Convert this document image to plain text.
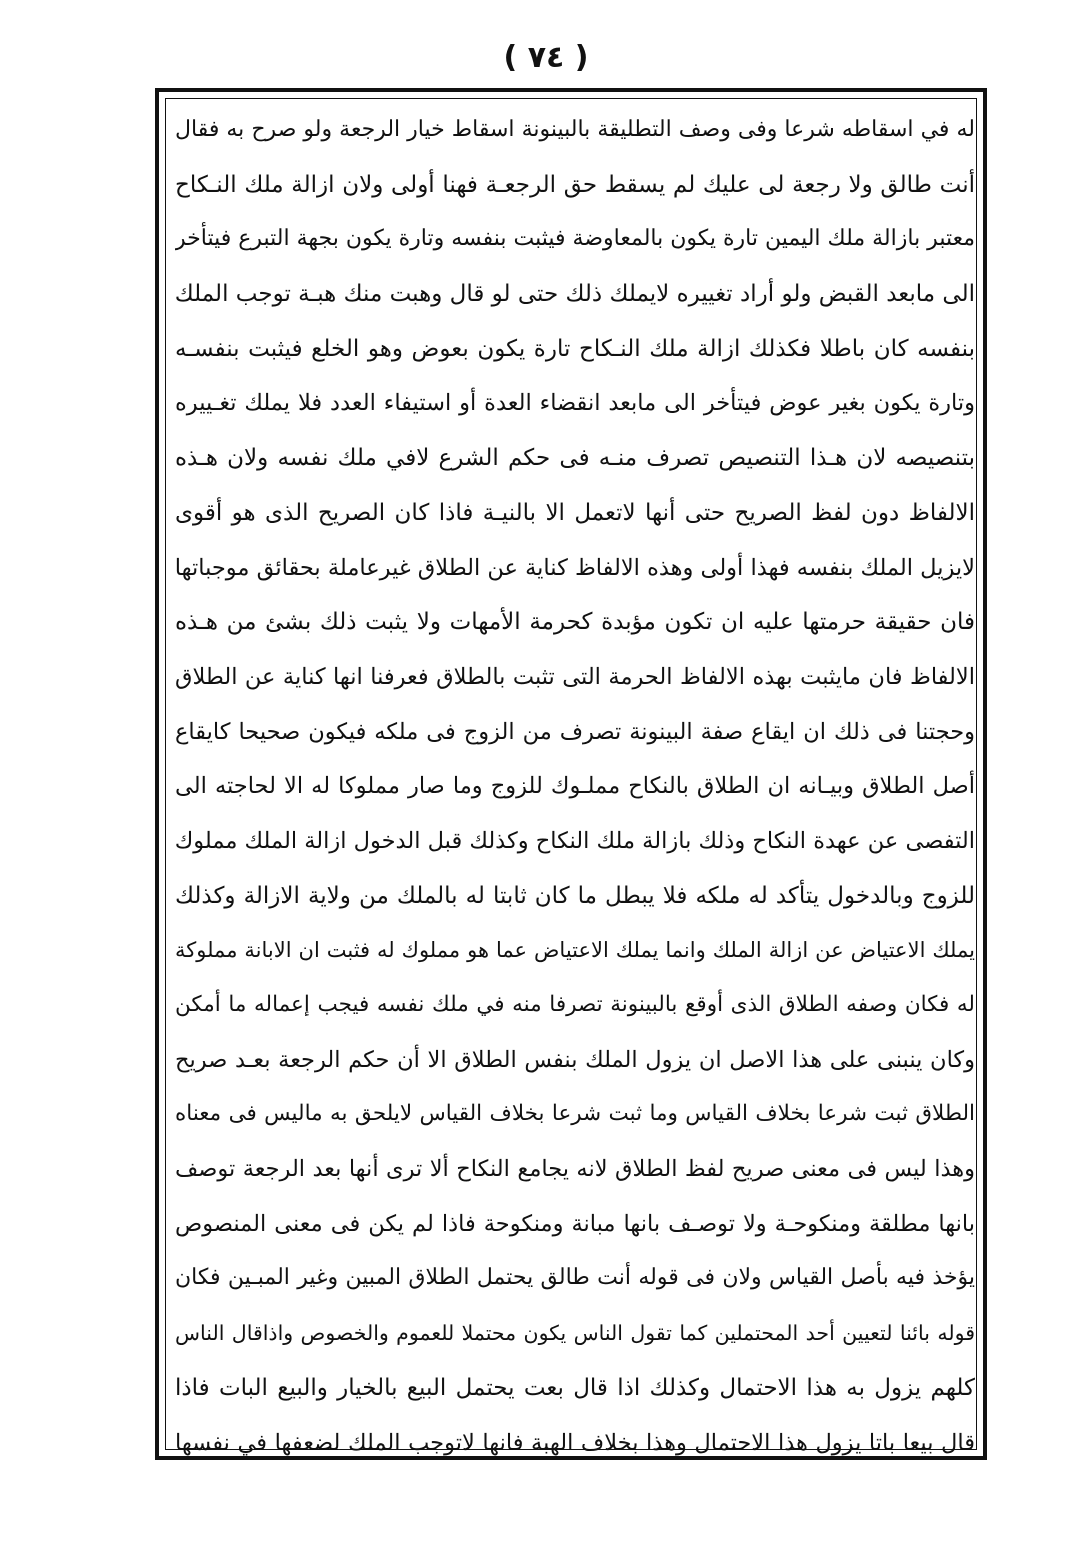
( ٧٤ )
له في اسقاطه شرعا وفى وصف التطليقة بالبينونة اسقاط خيار الرجعة ولو صرح به فقال
أنت طالق ولا رجعة لى عليك لم يسقط حق الرجعـة فهنا أولى ولان ازالة ملك النـكاح
معتبر بازالة ملك اليمين تارة يكون بالمعاوضة فيثبت بنفسه وتارة يكون بجهة التبرع فيتأخر
الى مابعد القبض ولو أراد تغييره لايملك ذلك حتى لو قال وهبت منك هبـة توجب الملك
بنفسه كان باطلا فكذلك ازالة ملك النـكاح تارة يكون بعوض وهو الخلع فيثبت بنفسـه
وتارة يكون بغير عوض فيتأخر الى مابعد انقضاء العدة أو استيفاء العدد فلا يملك تغـييره
بتنصيصه لان هـذا التنصيص تصرف منـه فى حكم الشرع لافي ملك نفسه ولان هـذه
الالفاظ دون لفظ الصريح حتى أنها لاتعمل الا بالنيـة فاذا كان الصريح الذى هو أقوى
لايزيل الملك بنفسه فهذا أولى وهذه الالفاظ كناية عن الطلاق غيرعاملة بحقائق موجباتها
فان حقيقة حرمتها عليه ان تكون مؤبدة كحرمة الأمهات ولا يثبت ذلك بشئ من هـذه
الالفاظ فان مايثبت بهذه الالفاظ الحرمة التى تثبت بالطلاق فعرفنا انها كناية عن الطلاق
وحجتنا فى ذلك ان ايقاع صفة البينونة تصرف من الزوج فى ملكه فيكون صحيحا كايقاع
أصل الطلاق وبيـانه ان الطلاق بالنكاح مملـوك للزوج وما صار مملوكا له الا لحاجته الى
التفصى عن عهدة النكاح وذلك بازالة ملك النكاح وكذلك قبل الدخول ازالة الملك مملوك
للزوج وبالدخول يتأكد له ملكه فلا يبطل ما كان ثابتا له بالملك من ولاية الازالة وكذلك
يملك الاعتياض عن ازالة الملك وانما يملك الاعتياض عما هو مملوك له فثبت ان الابانة مملوكة
له فكان وصفه الطلاق الذى أوقع بالبينونة تصرفا منه في ملك نفسه فيجب إعماله ما أمكن
وكان ينبنى على هذا الاصل ان يزول الملك بنفس الطلاق الا أن حكم الرجعة بعـد صريح
الطلاق ثبت شرعا بخلاف القياس وما ثبت شرعا بخلاف القياس لايلحق به ماليس فى معناه
وهذا ليس فى معنى صريح لفظ الطلاق لانه يجامع النكاح ألا ترى أنها بعد الرجعة توصف
بانها مطلقة ومنكوحـة ولا توصـف بانها مبانة ومنكوحة فاذا لم يكن فى معنى المنصوص
يؤخذ فيه بأصل القياس ولان فى قوله أنت طالق يحتمل الطلاق المبين وغير المبـين فكان
قوله بائنا لتعيين أحد المحتملين كما تقول الناس يكون محتملا للعموم والخصوص واذاقال الناس
كلهم يزول به هذا الاحتمال وكذلك اذا قال بعت يحتمل البيع بالخيار والبيع البات فاذا
قال بيعا باتا يزول هذا الاحتمال وهذا بخلاف الهبة فانها لاتوجب الملك لضعفها في نفسها
